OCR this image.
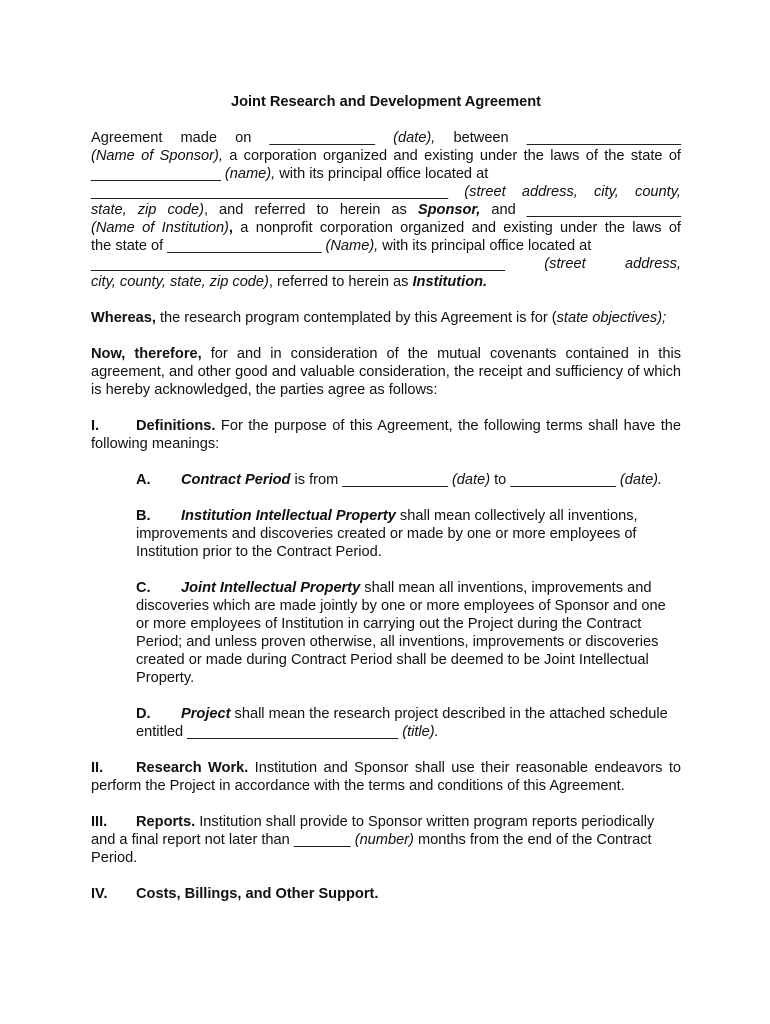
Joint Research and Development Agreement

Agreement made on _____________ (date), between ___________________
(Name of Sponsor), a corporation organized and existing under the laws of the state of
________________ (name), with its principal office located at
____________________________________________ (street address, city, county,
state, zip code), and referred to herein as Sponsor, and ___________________
(Name of Institution), a nonprofit corporation organized and existing under the laws of
the state of ___________________ (Name), with its principal office located at
___________________________________________________ (street address,
city, county, state, zip code), referred to herein as Institution.

Whereas, the research program contemplated by this Agreement is for (state objectives);

Now, therefore, for and in consideration of the mutual covenants contained in this agreement, and other good and valuable consideration, the receipt and sufficiency of which is hereby acknowledged, the parties agree as follows:

I.	Definitions. For the purpose of this Agreement, the following terms shall have the following meanings:

A. Contract Period is from _____________ (date) to _____________ (date).

B. Institution Intellectual Property shall mean collectively all inventions, improvements and discoveries created or made by one or more employees of Institution prior to the Contract Period.

C. Joint Intellectual Property shall mean all inventions, improvements and discoveries which are made jointly by one or more employees of Sponsor and one or more employees of Institution in carrying out the Project during the Contract Period; and unless proven otherwise, all inventions, improvements or discoveries created or made during Contract Period shall be deemed to be Joint Intellectual Property.

D. Project shall mean the research project described in the attached schedule entitled __________________________ (title).

II. Research Work. Institution and Sponsor shall use their reasonable endeavors to perform the Project in accordance with the terms and conditions of this Agreement.

III. Reports. Institution shall provide to Sponsor written program reports periodically and a final report not later than _______ (number) months from the end of the Contract Period.

IV. Costs, Billings, and Other Support.
